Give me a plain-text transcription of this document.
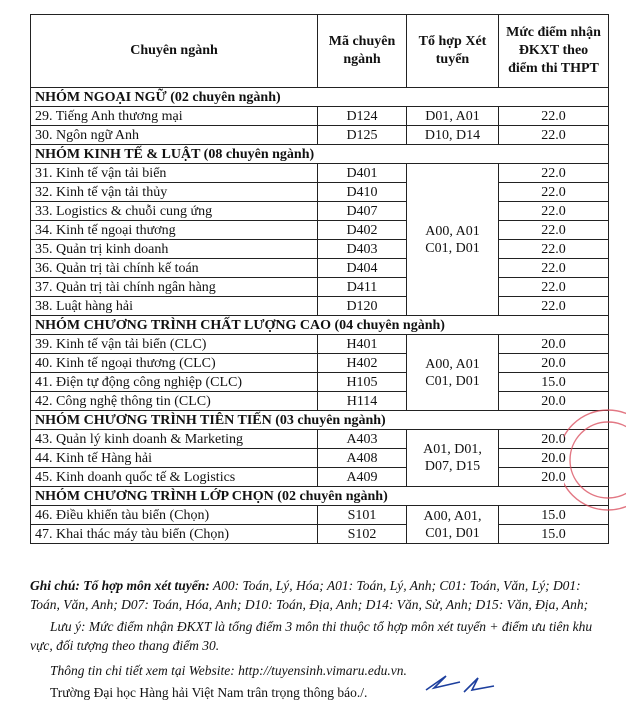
Chuyên ngành	Mã chuyên ngành	Tổ hợp Xét tuyển	Mức điểm nhận ĐKXT theo điểm thi THPT
NHÓM NGOẠI NGỮ (02 chuyên ngành)			
29. Tiếng Anh thương mại	D124	D01, A01	22.0
30. Ngôn ngữ Anh	D125	D10, D14	22.0
NHÓM KINH TẾ & LUẬT (08 chuyên ngành)			
31. Kinh tế vận tải biển	D401	A00, A01 C01, D01	22.0
32. Kinh tế vận tải thủy	D410		22.0
33. Logistics & chuỗi cung ứng	D407		22.0
34. Kinh tế ngoại thương	D402		22.0
35. Quản trị kinh doanh	D403		22.0
36. Quản trị tài chính kế toán	D404		22.0
37. Quản trị tài chính ngân hàng	D411		22.0
38. Luật hàng hải	D120		22.0
NHÓM CHƯƠNG TRÌNH CHẤT LƯỢNG CAO (04 chuyên ngành)			
39. Kinh tế vận tải biển (CLC)	H401	A00, A01 C01, D01	20.0
40. Kinh tế ngoại thương (CLC)	H402		20.0
41. Điện tự động công nghiệp (CLC)	H105		15.0
42. Công nghệ thông tin (CLC)	H114		20.0
NHÓM CHƯƠNG TRÌNH TIÊN TIẾN (03 chuyên ngành)			
43. Quản lý kinh doanh & Marketing	A403	A01, D01, D07, D15	20.0
44. Kinh tế Hàng hải	A408		20.0
45. Kinh doanh quốc tế & Logistics	A409		20.0
NHÓM CHƯƠNG TRÌNH LỚP CHỌN (02 chuyên ngành)			
46. Điều khiển tàu biển (Chọn)	S101	A00, A01, C01, D01	15.0
47. Khai thác máy tàu biển (Chọn)	S102		15.0

Ghi chú: Tổ hợp môn xét tuyển: A00: Toán, Lý, Hóa; A01: Toán, Lý, Anh; C01: Toán, Văn, Lý; D01: Toán, Văn, Anh; D07: Toán, Hóa, Anh; D10: Toán, Địa, Anh; D14: Văn, Sử, Anh; D15: Văn, Địa, Anh;

Lưu ý: Mức điểm nhận ĐKXT là tổng điểm 3 môn thi thuộc tổ hợp môn xét tuyển + điểm ưu tiên khu vực, đối tượng theo thang điểm 30.

Thông tin chi tiết xem tại Website: http://tuyensinh.vimaru.edu.vn.

Trường Đại học Hàng hải Việt Nam trân trọng thông báo./.
